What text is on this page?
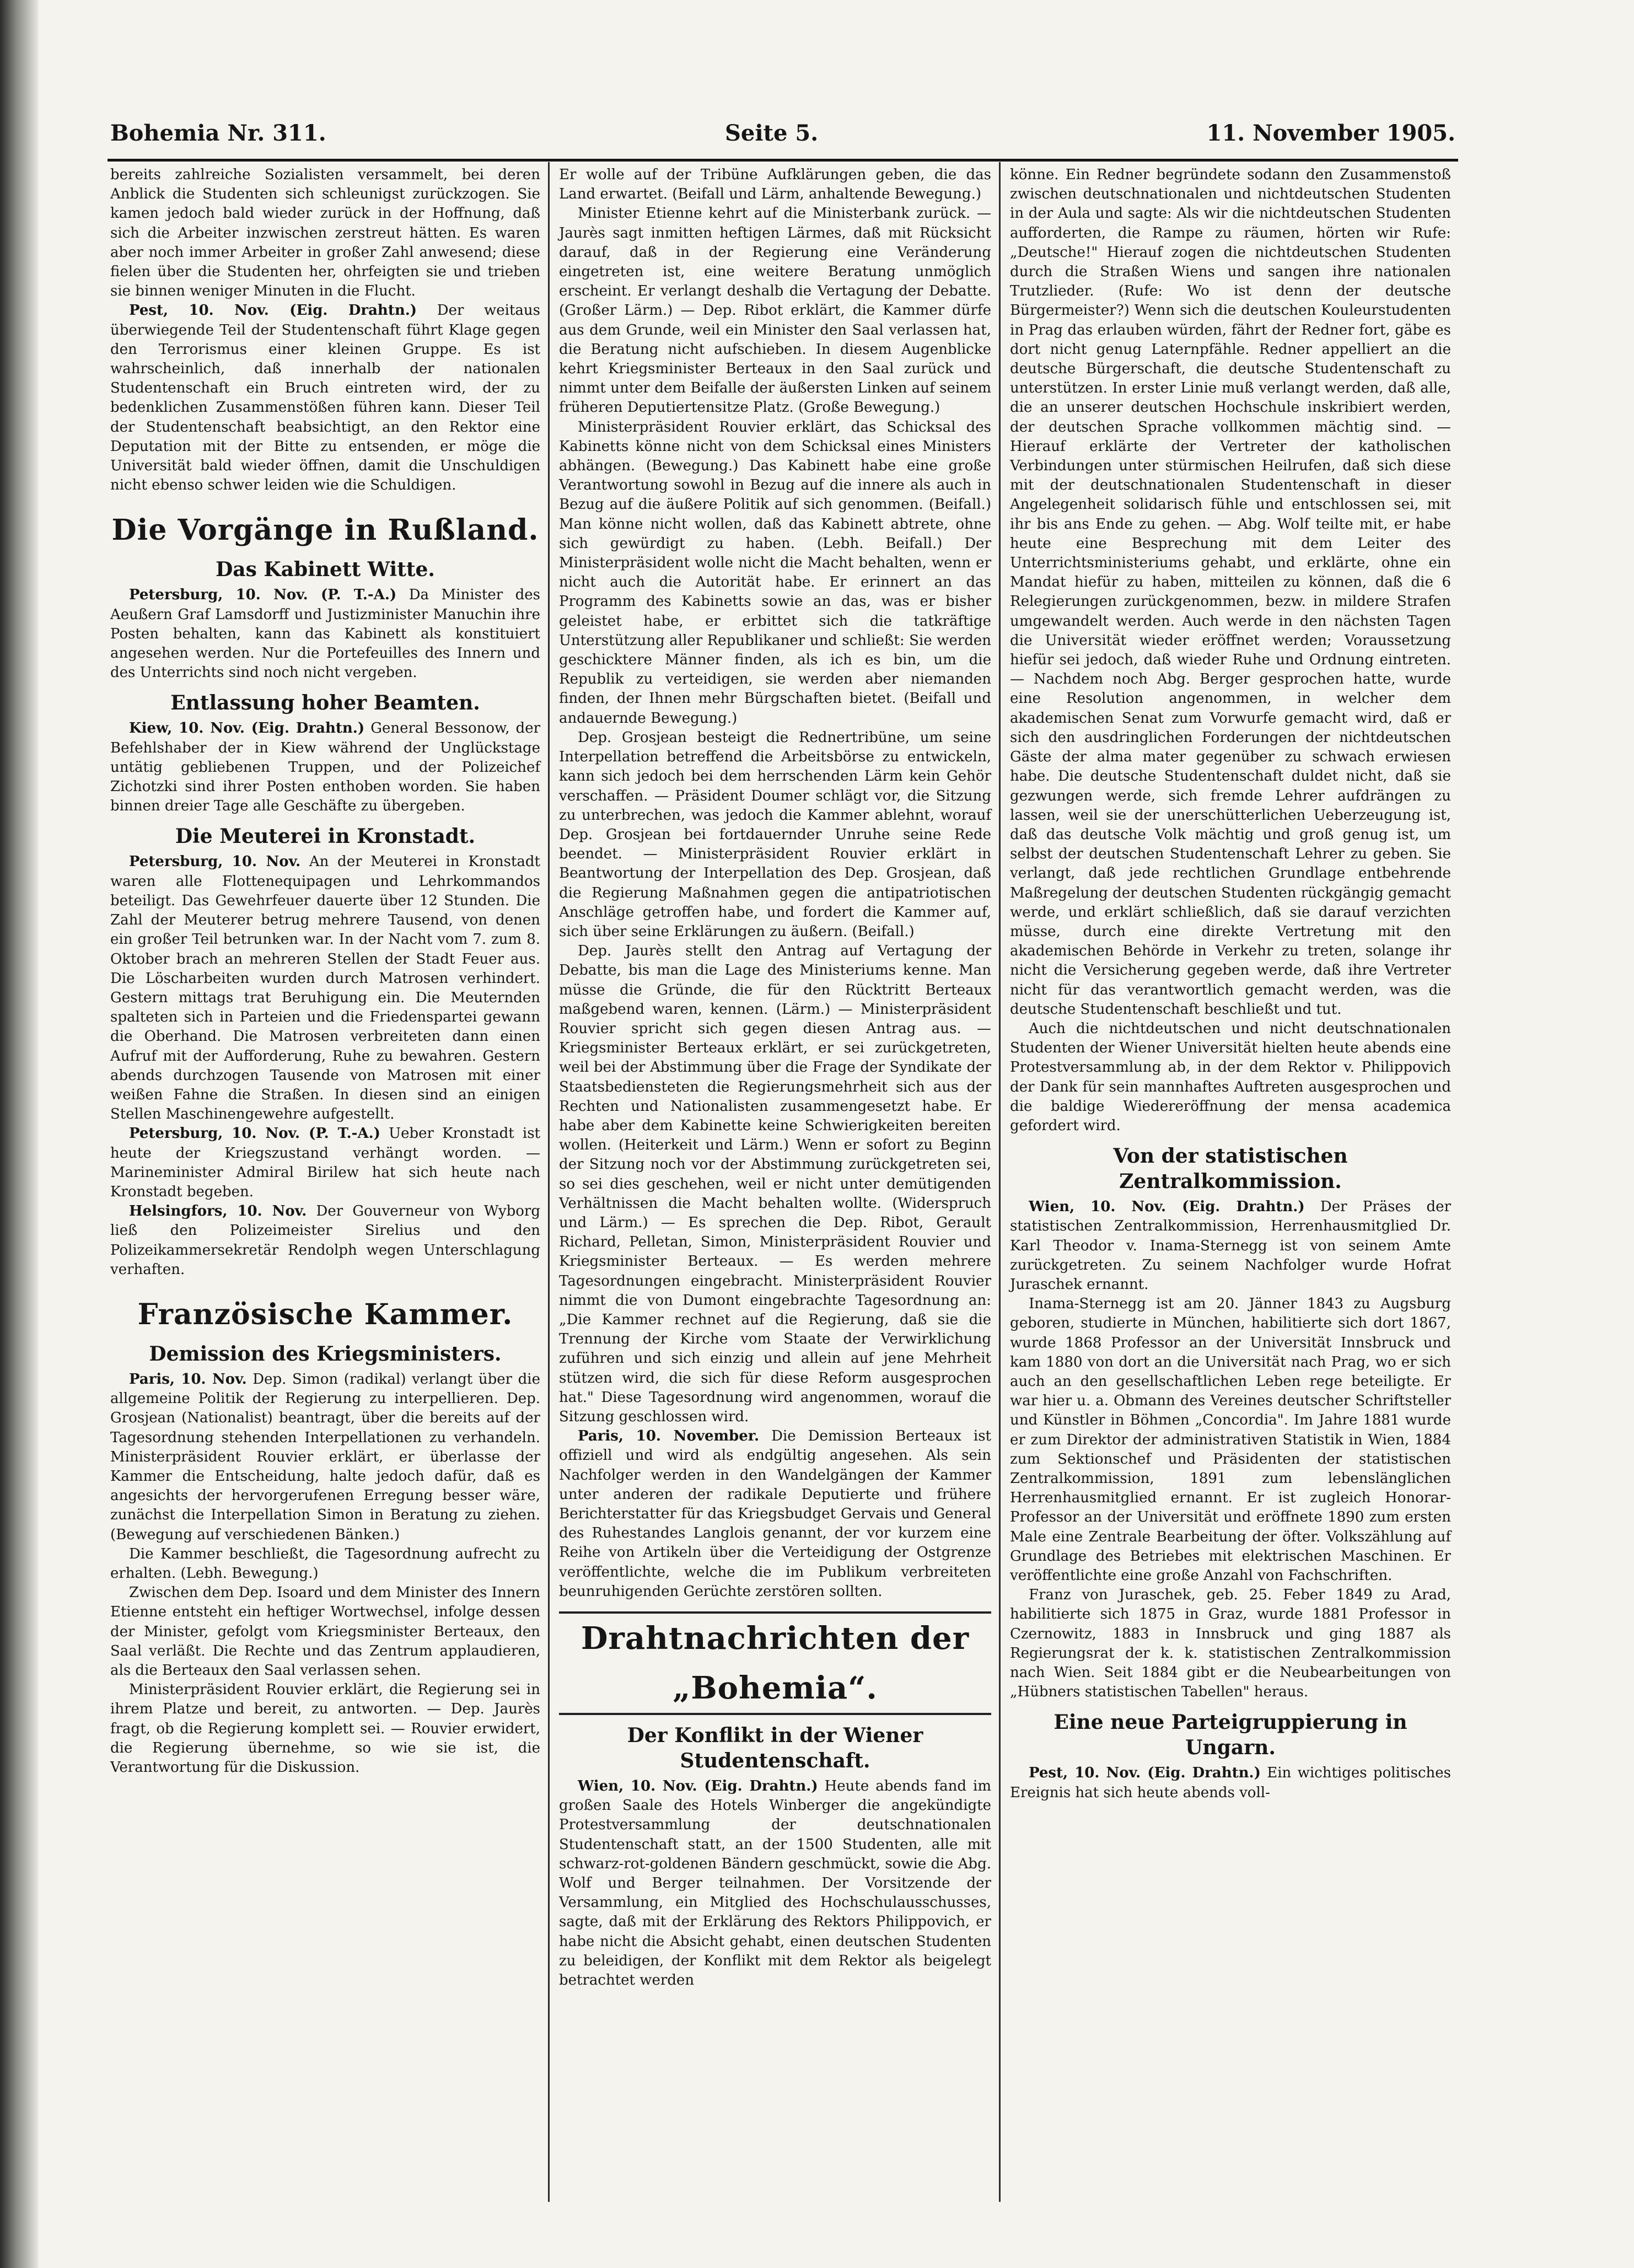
Bohemia Nr. 311.	Seite 5.	11. November 1905.

bereits zahlreiche Sozialisten versammelt, bei deren Anblick die Studenten sich schleunigst zurückzogen. Sie kamen jedoch bald wieder zurück in der Hoffnung, daß sich die Arbeiter inzwischen zerstreut hätten. Es waren aber noch immer Arbeiter in großer Zahl anwesend; diese fielen über die Studenten her, ohrfeigten sie und trieben sie binnen weniger Minuten in die Flucht.

Pest, 10. Nov. (Eig. Drahtn.) Der weitaus überwiegende Teil der Studentenschaft führt Klage gegen den Terrorismus einer kleinen Gruppe. Es ist wahrscheinlich, daß innerhalb der nationalen Studentenschaft ein Bruch eintreten wird, der zu bedenklichen Zusammenstößen führen kann. Dieser Teil der Studentenschaft beabsichtigt, an den Rektor eine Deputation mit der Bitte zu entsenden, er möge die Universität bald wieder öffnen, damit die Unschuldigen nicht ebenso schwer leiden wie die Schuldigen.

Die Vorgänge in Rußland.
Das Kabinett Witte.

Petersburg, 10. Nov. (P. T.-A.) Da Minister des Aeußern Graf Lamsdorff und Justizminister Manuchin ihre Posten behalten, kann das Kabinett als konstituiert angesehen werden. Nur die Portefeuilles des Innern und des Unterrichts sind noch nicht vergeben.

Entlassung hoher Beamten.

Kiew, 10. Nov. (Eig. Drahtn.) General Bessonow, der Befehlshaber der in Kiew während der Unglückstage untätig gebliebenen Truppen, und der Polizeichef Zichotzki sind ihrer Posten enthoben worden. Sie haben binnen dreier Tage alle Geschäfte zu übergeben.

Die Meuterei in Kronstadt.

Petersburg, 10. Nov. An der Meuterei in Kronstadt waren alle Flottenequipagen und Lehrkommandos beteiligt. Das Gewehrfeuer dauerte über 12 Stunden. Die Zahl der Meuterer betrug mehrere Tausend, von denen ein großer Teil betrunken war. In der Nacht vom 7. zum 8. Oktober brach an mehreren Stellen der Stadt Feuer aus. Die Löscharbeiten wurden durch Matrosen verhindert. Gestern mittags trat Beruhigung ein. Die Meuternden spalteten sich in Parteien und die Friedenspartei gewann die Oberhand. Die Matrosen verbreiteten dann einen Aufruf mit der Aufforderung, Ruhe zu bewahren. Gestern abends durchzogen Tausende von Matrosen mit einer weißen Fahne die Straßen. In diesen sind an einigen Stellen Maschinengewehre aufgestellt.

Petersburg, 10. Nov. (P. T.-A.) Ueber Kronstadt ist heute der Kriegszustand verhängt worden. — Marineminister Admiral Birilew hat sich heute nach Kronstadt begeben.

Helsingfors, 10. Nov. Der Gouverneur von Wyborg ließ den Polizeimeister Sirelius und den Polizeikammersekretär Rendolph wegen Unterschlagung verhaften.

Französische Kammer.
Demission des Kriegsministers.

Paris, 10. Nov. Dep. Simon (radikal) verlangt über die allgemeine Politik der Regierung zu interpellieren. Dep. Grosjean (Nationalist) beantragt, über die bereits auf der Tagesordnung stehenden Interpellationen zu verhandeln. Ministerpräsident Rouvier erklärt, er überlasse der Kammer die Entscheidung, halte jedoch dafür, daß es angesichts der hervorgerufenen Erregung besser wäre, zunächst die Interpellation Simon in Beratung zu ziehen. (Bewegung auf verschiedenen Bänken.)

Die Kammer beschließt, die Tagesordnung aufrecht zu erhalten. (Lebh. Bewegung.)

Zwischen dem Dep. Isoard und dem Minister des Innern Etienne entsteht ein heftiger Wortwechsel, infolge dessen der Minister, gefolgt vom Kriegsminister Berteaux, den Saal verläßt. Die Rechte und das Zentrum applaudieren, als die Berteaux den Saal verlassen sehen.

Ministerpräsident Rouvier erklärt, die Regierung sei in ihrem Platze und bereit, zu antworten. — Dep. Jaurès fragt, ob die Regierung komplett sei. — Rouvier erwidert, die Regierung übernehme, so wie sie ist, die Verantwortung für die Diskussion.

Er wolle auf der Tribüne Aufklärungen geben, die das Land erwartet. (Beifall und Lärm, anhaltende Bewegung.)

Minister Etienne kehrt auf die Ministerbank zurück. — Jaurès sagt inmitten heftigen Lärmes, daß mit Rücksicht darauf, daß in der Regierung eine Veränderung eingetreten ist, eine weitere Beratung unmöglich erscheint. Er verlangt deshalb die Vertagung der Debatte. (Großer Lärm.) — Dep. Ribot erklärt, die Kammer dürfe aus dem Grunde, weil ein Minister den Saal verlassen hat, die Beratung nicht aufschieben. In diesem Augenblicke kehrt Kriegsminister Berteaux in den Saal zurück und nimmt unter dem Beifalle der äußersten Linken auf seinem früheren Deputiertensitze Platz. (Große Bewegung.)

Ministerpräsident Rouvier erklärt, das Schicksal des Kabinetts könne nicht von dem Schicksal eines Ministers abhängen. (Bewegung.) Das Kabinett habe eine große Verantwortung sowohl in Bezug auf die innere als auch in Bezug auf die äußere Politik auf sich genommen. (Beifall.) Man könne nicht wollen, daß das Kabinett abtrete, ohne sich gewürdigt zu haben. (Lebh. Beifall.) Der Ministerpräsident wolle nicht die Macht behalten, wenn er nicht auch die Autorität habe. Er erinnert an das Programm des Kabinetts sowie an das, was er bisher geleistet habe, er erbittet sich die tatkräftige Unterstützung aller Republikaner und schließt: Sie werden geschicktere Männer finden, als ich es bin, um die Republik zu verteidigen, sie werden aber niemanden finden, der Ihnen mehr Bürgschaften bietet. (Beifall und andauernde Bewegung.)

Dep. Grosjean besteigt die Rednertribüne, um seine Interpellation betreffend die Arbeitsbörse zu entwickeln, kann sich jedoch bei dem herrschenden Lärm kein Gehör verschaffen. — Präsident Doumer schlägt vor, die Sitzung zu unterbrechen, was jedoch die Kammer ablehnt, worauf Dep. Grosjean bei fortdauernder Unruhe seine Rede beendet. — Ministerpräsident Rouvier erklärt in Beantwortung der Interpellation des Dep. Grosjean, daß die Regierung Maßnahmen gegen die antipatriotischen Anschläge getroffen habe, und fordert die Kammer auf, sich über seine Erklärungen zu äußern. (Beifall.)

Dep. Jaurès stellt den Antrag auf Vertagung der Debatte, bis man die Lage des Ministeriums kenne. Man müsse die Gründe, die für den Rücktritt Berteaux maßgebend waren, kennen. (Lärm.) — Ministerpräsident Rouvier spricht sich gegen diesen Antrag aus. — Kriegsminister Berteaux erklärt, er sei zurückgetreten, weil bei der Abstimmung über die Frage der Syndikate der Staatsbediensteten die Regierungsmehrheit sich aus der Rechten und Nationalisten zusammengesetzt habe. Er habe aber dem Kabinette keine Schwierigkeiten bereiten wollen. (Heiterkeit und Lärm.) Wenn er sofort zu Beginn der Sitzung noch vor der Abstimmung zurückgetreten sei, so sei dies geschehen, weil er nicht unter demütigenden Verhältnissen die Macht behalten wollte. (Widerspruch und Lärm.) — Es sprechen die Dep. Ribot, Gerault Richard, Pelletan, Simon, Ministerpräsident Rouvier und Kriegsminister Berteaux. — Es werden mehrere Tagesordnungen eingebracht. Ministerpräsident Rouvier nimmt die von Dumont eingebrachte Tagesordnung an: „Die Kammer rechnet auf die Regierung, daß sie die Trennung der Kirche vom Staate der Verwirklichung zuführen und sich einzig und allein auf jene Mehrheit stützen wird, die sich für diese Reform ausgesprochen hat." Diese Tagesordnung wird angenommen, worauf die Sitzung geschlossen wird.

Paris, 10. November. Die Demission Berteaux ist offiziell und wird als endgültig angesehen. Als sein Nachfolger werden in den Wandelgängen der Kammer unter anderen der radikale Deputierte und frühere Berichterstatter für das Kriegsbudget Gervais und General des Ruhestandes Langlois genannt, der vor kurzem eine Reihe von Artikeln über die Verteidigung der Ostgrenze veröffentlichte, welche die im Publikum verbreiteten beunruhigenden Gerüchte zerstören sollten.

Drahtnachrichten der „Bohemia“.
Der Konflikt in der Wiener Studentenschaft.

Wien, 10. Nov. (Eig. Drahtn.) Heute abends fand im großen Saale des Hotels Winberger die angekündigte Protestversammlung der deutschnationalen Studentenschaft statt, an der 1500 Studenten, alle mit schwarz-rot-goldenen Bändern geschmückt, sowie die Abg. Wolf und Berger teilnahmen. Der Vorsitzende der Versammlung, ein Mitglied des Hochschulausschusses, sagte, daß mit der Erklärung des Rektors Philippovich, er habe nicht die Absicht gehabt, einen deutschen Studenten zu beleidigen, der Konflikt mit dem Rektor als beigelegt betrachtet werden

könne. Ein Redner begründete sodann den Zusammenstoß zwischen deutschnationalen und nichtdeutschen Studenten in der Aula und sagte: Als wir die nichtdeutschen Studenten aufforderten, die Rampe zu räumen, hörten wir Rufe: „Deutsche!" Hierauf zogen die nichtdeutschen Studenten durch die Straßen Wiens und sangen ihre nationalen Trutzlieder. (Rufe: Wo ist denn der deutsche Bürgermeister?) Wenn sich die deutschen Kouleurstudenten in Prag das erlauben würden, fährt der Redner fort, gäbe es dort nicht genug Laternpfähle. Redner appelliert an die deutsche Bürgerschaft, die deutsche Studentenschaft zu unterstützen. In erster Linie muß verlangt werden, daß alle, die an unserer deutschen Hochschule inskribiert werden, der deutschen Sprache vollkommen mächtig sind. — Hierauf erklärte der Vertreter der katholischen Verbindungen unter stürmischen Heilrufen, daß sich diese mit der deutschnationalen Studentenschaft in dieser Angelegenheit solidarisch fühle und entschlossen sei, mit ihr bis ans Ende zu gehen. — Abg. Wolf teilte mit, er habe heute eine Besprechung mit dem Leiter des Unterrichtsministeriums gehabt, und erklärte, ohne ein Mandat hiefür zu haben, mitteilen zu können, daß die 6 Relegierungen zurückgenommen, bezw. in mildere Strafen umgewandelt werden. Auch werde in den nächsten Tagen die Universität wieder eröffnet werden; Voraussetzung hiefür sei jedoch, daß wieder Ruhe und Ordnung eintreten. — Nachdem noch Abg. Berger gesprochen hatte, wurde eine Resolution angenommen, in welcher dem akademischen Senat zum Vorwurfe gemacht wird, daß er sich den ausdringlichen Forderungen der nichtdeutschen Gäste der alma mater gegenüber zu schwach erwiesen habe. Die deutsche Studentenschaft duldet nicht, daß sie gezwungen werde, sich fremde Lehrer aufdrängen zu lassen, weil sie der unerschütterlichen Ueberzeugung ist, daß das deutsche Volk mächtig und groß genug ist, um selbst der deutschen Studentenschaft Lehrer zu geben. Sie verlangt, daß jede rechtlichen Grundlage entbehrende Maßregelung der deutschen Studenten rückgängig gemacht werde, und erklärt schließlich, daß sie darauf verzichten müsse, durch eine direkte Vertretung mit den akademischen Behörde in Verkehr zu treten, solange ihr nicht die Versicherung gegeben werde, daß ihre Vertreter nicht für das verantwortlich gemacht werden, was die deutsche Studentenschaft beschließt und tut.

Auch die nichtdeutschen und nicht deutschnationalen Studenten der Wiener Universität hielten heute abends eine Protestversammlung ab, in der dem Rektor v. Philippovich der Dank für sein mannhaftes Auftreten ausgesprochen und die baldige Wiedereröffnung der mensa academica gefordert wird.

Von der statistischen Zentralkommission.

Wien, 10. Nov. (Eig. Drahtn.) Der Präses der statistischen Zentralkommission, Herrenhausmitglied Dr. Karl Theodor v. Inama-Sternegg ist von seinem Amte zurückgetreten. Zu seinem Nachfolger wurde Hofrat Juraschek ernannt.

Inama-Sternegg ist am 20. Jänner 1843 zu Augsburg geboren, studierte in München, habilitierte sich dort 1867, wurde 1868 Professor an der Universität Innsbruck und kam 1880 von dort an die Universität nach Prag, wo er sich auch an den gesellschaftlichen Leben rege beteiligte. Er war hier u. a. Obmann des Vereines deutscher Schriftsteller und Künstler in Böhmen „Concordia". Im Jahre 1881 wurde er zum Direktor der administrativen Statistik in Wien, 1884 zum Sektionschef und Präsidenten der statistischen Zentralkommission, 1891 zum lebenslänglichen Herrenhausmitglied ernannt. Er ist zugleich Honorar-Professor an der Universität und eröffnete 1890 zum ersten Male eine Zentrale Bearbeitung der öfter. Volkszählung auf Grundlage des Betriebes mit elektrischen Maschinen. Er veröffentlichte eine große Anzahl von Fachschriften.

Franz von Juraschek, geb. 25. Feber 1849 zu Arad, habilitierte sich 1875 in Graz, wurde 1881 Professor in Czernowitz, 1883 in Innsbruck und ging 1887 als Regierungsrat der k. k. statistischen Zentralkommission nach Wien. Seit 1884 gibt er die Neubearbeitungen von „Hübners statistischen Tabellen" heraus.

Eine neue Parteigruppierung in Ungarn.

Pest, 10. Nov. (Eig. Drahtn.) Ein wichtiges politisches Ereignis hat sich heute abends voll-
